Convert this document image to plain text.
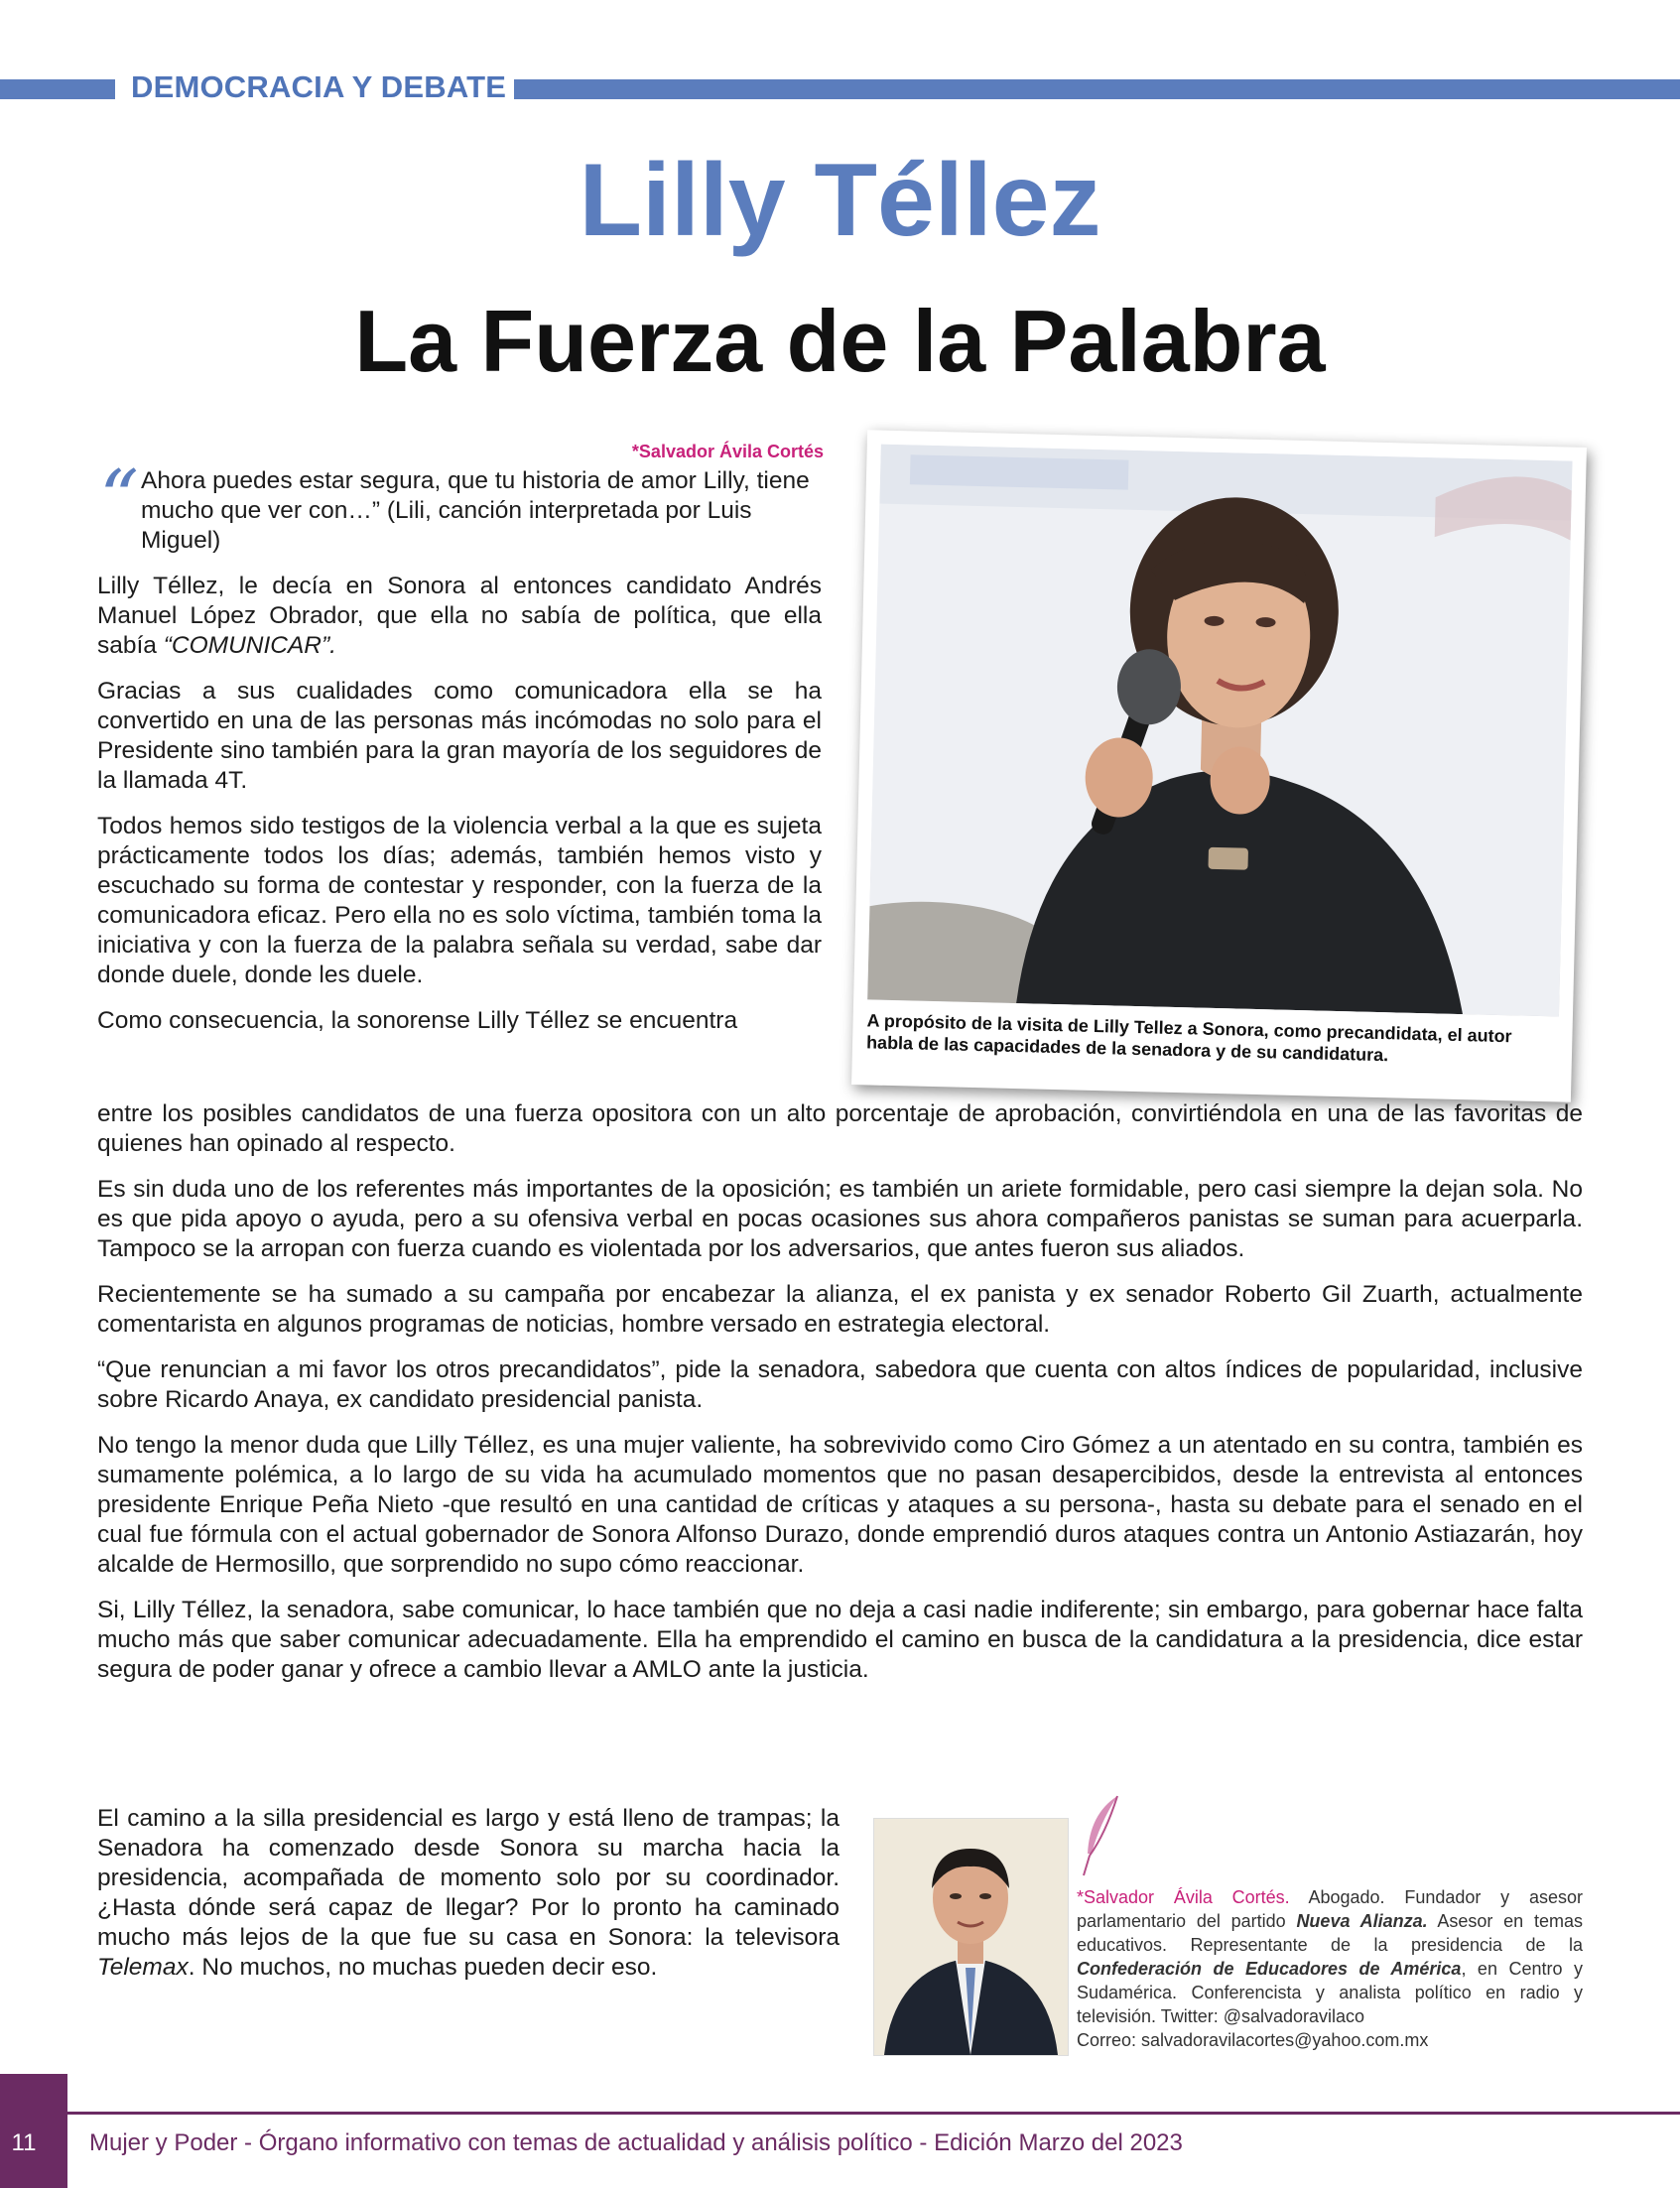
DEMOCRACIA Y DEBATE
Lilly Téllez
La Fuerza de la Palabra
*Salvador Ávila Cortés
“ Ahora puedes estar segura, que tu historia de amor Lilly, tiene mucho que ver con…” (Lili, canción interpretada por Luis Miguel)

Lilly Téllez, le decía en Sonora al entonces candidato Andrés Manuel López Obrador, que ella no sabía de política, que ella sabía “COMUNICAR”.

Gracias a sus cualidades como comunicadora ella se ha convertido en una de las personas más incómodas no solo para el Presidente sino también para la gran mayoría de los seguidores de la llamada 4T.

Todos hemos sido testigos de la violencia verbal a la que es sujeta prácticamente todos los días; además, también hemos visto y escuchado su forma de contestar y responder, con la fuerza de la comunicadora eficaz. Pero ella no es solo víctima, también toma la iniciativa y con la fuerza de la palabra señala su verdad, sabe dar donde duele, donde les duele.

Como consecuencia, la sonorense Lilly Téllez se encuentra	A propósito de la visita de Lilly Tellez a Sonora, como precandidata, el autor habla de las capacidades de la senadora y de su candidatura.

entre los posibles candidatos de una fuerza opositora con un alto porcentaje de aprobación, convirtiéndola en una de las favoritas de quienes han opinado al respecto.

Es sin duda uno de los referentes más importantes de la oposición; es también un ariete formidable, pero casi siempre la dejan sola. No es que pida apoyo o ayuda, pero a su ofensiva verbal en pocas ocasiones sus ahora compañeros panistas se suman para acuerparla. Tampoco se la arropan con fuerza cuando es violentada por los adversarios, que antes fueron sus aliados.

Recientemente se ha sumado a su campaña por encabezar la alianza, el ex panista y ex senador Roberto Gil Zuarth, actualmente comentarista en algunos programas de noticias, hombre versado en estrategia electoral.

“Que renuncian a mi favor los otros precandidatos”, pide la senadora, sabedora que cuenta con altos índices de popularidad, inclusive sobre Ricardo Anaya, ex candidato presidencial panista.

No tengo la menor duda que Lilly Téllez, es una mujer valiente, ha sobrevivido como Ciro Gómez a un atentado en su contra, también es sumamente polémica, a lo largo de su vida ha acumulado momentos que no pasan desapercibidos, desde la entrevista al entonces presidente Enrique Peña Nieto -que resultó en una cantidad de críticas y ataques a su persona-, hasta su debate para el senado en el cual fue fórmula con el actual gobernador de Sonora Alfonso Durazo, donde emprendió duros ataques contra un Antonio Astiazarán, hoy alcalde de Hermosillo, que sorprendido no supo cómo reaccionar.

Si, Lilly Téllez, la senadora, sabe comunicar, lo hace también que no deja a casi nadie indiferente; sin embargo, para gobernar hace falta mucho más que saber comunicar adecuadamente. Ella ha emprendido el camino en busca de la candidatura a la presidencia, dice estar segura de poder ganar y ofrece a cambio llevar a AMLO ante la justicia.

El camino a la silla presidencial es largo y está lleno de trampas; la Senadora ha comenzado desde Sonora su marcha hacia la presidencia, acompañada de momento solo por su coordinador. ¿Hasta dónde será capaz de llegar? Por lo pronto ha caminado mucho más lejos de la que fue su casa en Sonora: la televisora Telemax. No muchos, no muchas pueden decir eso.

*Salvador Ávila Cortés. Abogado. Fundador y asesor parlamentario del partido Nueva Alianza. Asesor en temas educativos. Representante de la presidencia de la Confederación de Educadores de América, en Centro y Sudamérica. Conferencista y analista político en radio y televisión. Twitter: @salvadoravilaco
Correo: salvadoravilacortes@yahoo.com.mx
11	Mujer y Poder - Órgano informativo con temas de actualidad y análisis político - Edición Marzo del 2023
